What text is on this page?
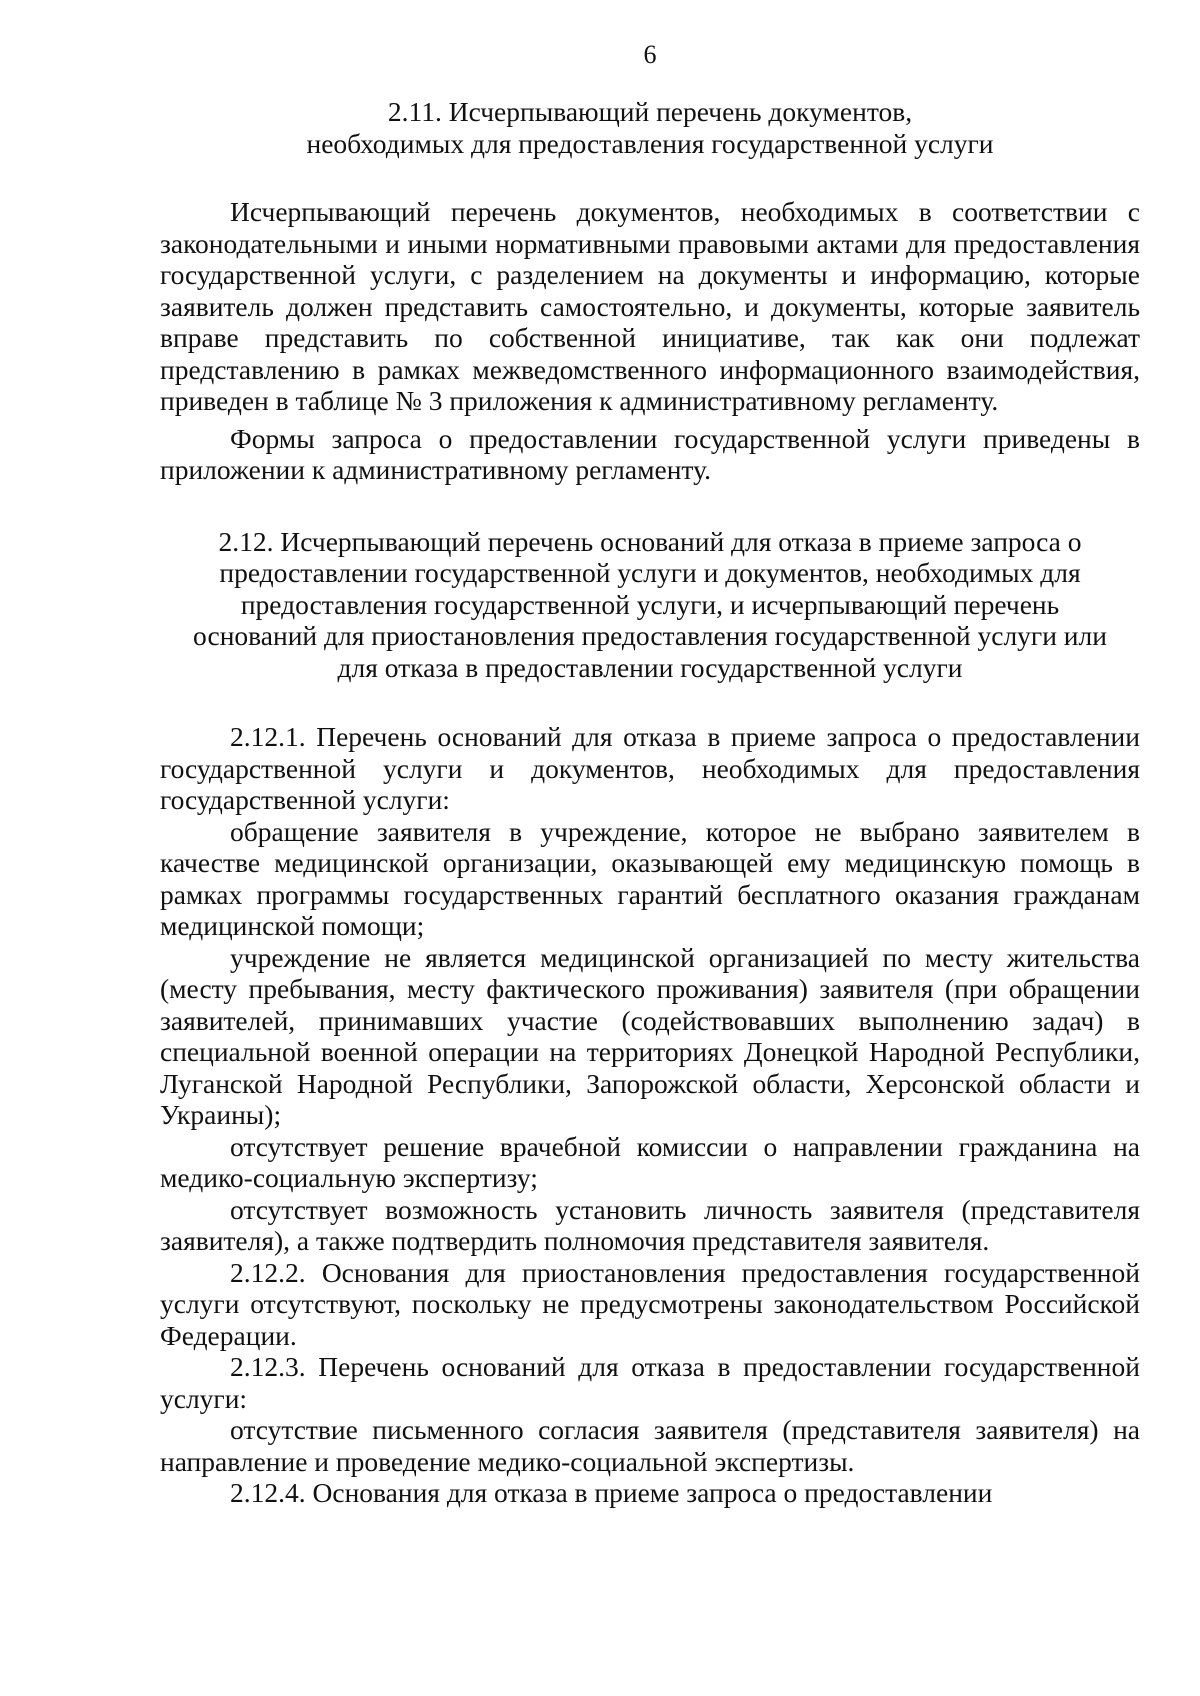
6
2.11. Исчерпывающий перечень документов,
необходимых для предоставления государственной услуги

Исчерпывающий перечень документов, необходимых в соответствии с законодательными и иными нормативными правовыми актами для предоставления государственной услуги, с разделением на документы и информацию, которые заявитель должен представить самостоятельно, и документы, которые заявитель вправе представить по собственной инициативе, так как они подлежат представлению в рамках межведомственного информационного взаимодействия, приведен в таблице № 3 приложения к административному регламенту.

Формы запроса о предоставлении государственной услуги приведены в приложении к административному регламенту.

2.12. Исчерпывающий перечень оснований для отказа в приеме запроса о
предоставлении государственной услуги и документов, необходимых для
предоставления государственной услуги, и исчерпывающий перечень
оснований для приостановления предоставления государственной услуги или
для отказа в предоставлении государственной услуги

2.12.1. Перечень оснований для отказа в приеме запроса о предоставлении государственной услуги и документов, необходимых для предоставления государственной услуги:

обращение заявителя в учреждение, которое не выбрано заявителем в качестве медицинской организации, оказывающей ему медицинскую помощь в рамках программы государственных гарантий бесплатного оказания гражданам медицинской помощи;

учреждение не является медицинской организацией по месту жительства (месту пребывания, месту фактического проживания) заявителя (при обращении заявителей, принимавших участие (содействовавших выполнению задач) в специальной военной операции на территориях Донецкой Народной Республики, Луганской Народной Республики, Запорожской области, Херсонской области и Украины);

отсутствует решение врачебной комиссии о направлении гражданина на медико-социальную экспертизу;

отсутствует возможность установить личность заявителя (представителя заявителя), а также подтвердить полномочия представителя заявителя.

2.12.2. Основания для приостановления предоставления государственной услуги отсутствуют, поскольку не предусмотрены законодательством Российской Федерации.

2.12.3. Перечень оснований для отказа в предоставлении государственной услуги:

отсутствие письменного согласия заявителя (представителя заявителя) на направление и проведение медико-социальной экспертизы.

2.12.4. Основания для отказа в приеме запроса о предоставлении
